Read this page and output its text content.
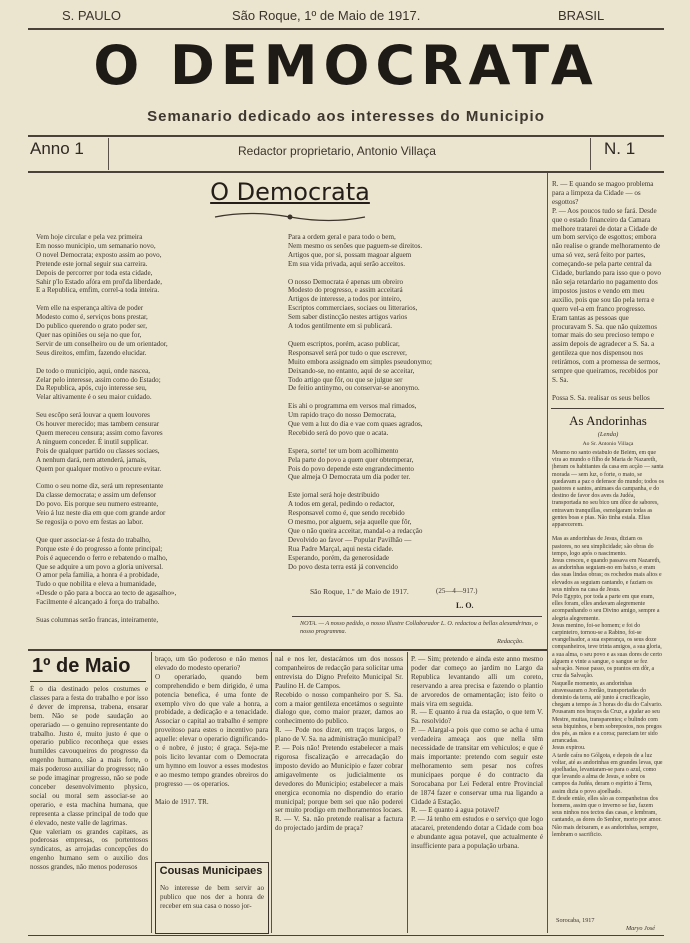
S. PAULO	São Roque, 1º de Maio de 1917.	BRASIL
O DEMOCRATA
Semanario dedicado aos interesses do Municipio
Anno 1	Redactor proprietario, Antonio Villaça	N. 1
O Democrata
Vem hoje circular e pela vez primeira
Em nosso municipio, um semanario novo,
O novel Democrata; exposto assim ao povo,
Pretende este jornal seguir sua carreira.
Depois de percorrer por toda esta cidade,
Sahir p'lo Estado afóra em prol'da liberdade,
E a Republica, emfim, correl-a toda inteira.

Vem elle na esperança altiva de poder
Modesto como é, serviços bons prestar,
Do publico querendo o grato poder ser,
Quer nas opiniões ou seja no que for,
Servir de um conselheiro ou de um orientador,
Seus direitos, emfim, fazendo elucidar.

De todo o municipio, aqui, onde nascea,
Zelar pelo interesse, assim como do Estado;
Da Republica, após, cujo interesse seu,
Velar altivamente é o seu maior cuidado.

Seu escôpo será louvar a quem louvores
Os houver merecido; mas tambem censurar
Quem mereceu censura; assim como favores
A ninguem conceder. É inutil supplicar.
Pois de qualquer partido ou classes sociaes,
A nenhum dará, nem attenderá, jamais,
Quem por qualquer motivo o procure evitar.

Como o seu nome diz, será um representante
Da classe democrata; e assim um defensor
Do povo. Eis porque seu numero estreante,
Veio á luz neste dia em que com grande ardor
Se regosija o povo em festas ao labor.

Que quer associar-se á festa do trabalho,
Porque este é do progresso a fonte principal;
Pois é aquecendo o ferro e rebatendo o malho,
Que se adquire a um povo a gloria universal.
O amor pela familia, a honra é a probidade,
Tudo o que nobilita e eleva a humanidade,
«Desde o pão para a bocca ao tecto de agasalho»,
Facilmente é alcançado á força do trabalho.

Suas columnas serão francas, inteiramente,

Para a ordem geral e para todo o bem,
Nem mesmo os senões que paguem-se direitos.
Artigos que, por si, possam magoar alguem
Em sua vida privada, aqui serão acceitos.

O nosso Democrata é apenas um obreiro
Modesto do progresso, e assim acceitará
Artigos de interesse, a todos por inteiro,
Escriptos commerciaes, sociaes ou litterarios,
Sem saber distincção nestes artigos varios
A todos gentilmente em si publicará.

Quem escriptos, porém, acaso publicar,
Responsavel será por tudo o que escrever,
Muito embora assignado em simples pseudonymo;
Deixando-se, no entanto, aqui de se acceitar,
Todo artigo que fôr, ou que se julgue ser
De feitio antinymo, ou conservar-se anonymo.

Eis ahi o programma em versos mal rimados,
Um rapido traço do nosso Democrata,
Que vem a luz do dia e vae com quaes agrados,
Recebido será do povo que o acata.

Espera, sorte! ter um bom acolhimento
Pela parte do povo a quem quer obtemperar,
Pois do povo depende este engrandecimento
Que almeja O Democrata um dia poder ter.

Este jornal será hoje destribuido
A todos em geral, pedindo o redactor,
Responsavel como é, que sendo recebido
O mesmo, por alguem, seja aquelle que fôr,
Que o não queira acceitar, mandal-o a redacção
Devolvido ao favor — Popular Pavilhão —
Rua Padre Marçal, aqui nesta cidade.
Esperando, porém, da generosidade
Do povo desta terra está já convencido

São Roque, 1.º de Maio de 1917.	(25—4—917.)
L. O.
NOTA. — A nosso pedido, o nosso illustre Collaborador L. O. redactou a bellas alexandrinas, o nosso programma.
Redacção.
R. — E quando se magoo problema para a limpeza da Cidade — os esgottos?
P. — Aos poucos tudo se fará. Desde que o estado financeiro da Camara melhore tratarei de dotar a Cidade de um bom serviço de esgottos; embora não realise o grande melhoramento de uma só vez, será feito por partes, começando-se pela parte central da Cidade, burlando para isso que o povo não seja retardario no pagamento dos impostos justos e vendo em meu auxilio, pois que sou tão pela terra e quero vel-a em franco progresso.
Eram tantas as pessoas que procuravam S. Sa. que não quizemos tomar mais do seu precioso tempo e assim depois de agradecer a S. Sa. a gentileza que nos dispensou nos retirámos, com a promessa de sermos, sempre que queiramos, recebidos por S. Sa.

Possa S. Sa. realisar os seus bellos
As Andorinhas
(Lenda)
Ao Sr. Antonio Villaça
Mesmo no santo estabulo de Belém, em que vira ao mundo o filho de Maria de Nazareth, jheram os habitantes da casa em acção — santa morada — sem luz, o forte, o mato, se quedavam a paz o defensor do mundo; todos os pastores e santos, animaes da campanha, e do destino de favor dos aves da Judéa, transportada no seu bico um dôce de sabores, entravam tranquillas, esmolgaram todas as gentes boas e pias. Não tinha estala. Elias apparecerem.

Mas as andorinhas de Jesus, diziam os pastores, no seu simplicidade; são obras do tempo, logo após o nascimento.
Jesus cresceu, e quando passava em Nazareth, as andorinhas seguiam-no em baixo, e eram das suas lindas obras; os rochedos mais altos e elevados as seguiam cantando, e faziam os seus ninhos na casa de Jesus.
Pelo Egypto, por toda a parte em que eram, elles foram, elles andavam alegremente acompanhando o seu Divino amigo, sempre a alegria alegremente.
Jesus menino, foi-se homem; e foi do carpinteiro, tornou-se a Rabino, foi-se evangelisador, a sua esperança, os seus doze companheiros, teve trinta amigos, a sua gloria, a sua alma, o seu povo e as suas dores de certo alguem e vinte a sangue, o sangue se fez salvação. Nesse passo, os prantos em dôr, a cruz da Salvação.
Naquelle momento, as andorinhas atravessaram o Jordão, transportadas do dominio da terra, até junto á crucificação, chegam a tempo ás 3 horas do dia do Calvario.
Pousaram nos braços da Cruz, a ajudar ao seu Mestre, muitas, transparentes; e bulindo com seus biquinhos, e bem sobrepostos, nos pregos dos pés, as mãos e a coroa; pareciam ter sido arrancadas.
Jesus expirou.
A tarde caíra no Gólgota, e depois de a luz voltar, até as andorinhas em grandes levas, que ajoelhadas, levantaram-se para o azul, como que levando a alma de Jesus, e sobre os campos da Judéa, deram o espírito á Terra, assim dizia o povo ajoelhado.
E desde então, elles são as companheiras dos homens, assim que o inverno se faz, fazem seus ninhos nos tectos das casas, e lembram, cantando, as dores do Senhor, morto por amor.
Não mais deixaram, e as andorinhas, sempre, lembram o sacrificio.
Sorocaba, 1917
Maryo José
1º de Maio
É o dia destinado pelos costumes e classes para a festa do trabalho e por isso é dever de imprensa, trabena, ensarar bem. Não se pode saudação ao operariado — o genuino representante do trabalho. Justo é, muito justo é que o operario publico reconheça que esses humildes cavouqueiros do progresso da engenho humano, são a mais forte, o mais poderoso auxiliar do progresso; não se pode imaginar progresso, não se pode conceber desenvolvimento physico, social ou moral sem associar-se ao operario, e esta machina humana, que representa a classe principal de todo que é elevado, neste valle de lagrimas.
Que valeriam os grandes capitaes, as poderosas empresas, os portentosos syndicatos, as arrojadas concepções do engenho humano sem o auxilio dos nossos grandes, não menos poderosos
braço, um tão poderoso e não menos elevado do modesto operario?
O operariado, quando bem comprehendido e bem dirigido, é uma potencia benefica, é uma fonte de exemplo vivo do que vale a honra, a probidade, a dedicação e a tenacidade. Associar o capital ao trabalho é sempre proveitoso para estes o incentivo para aquelle: elevar o operario dignificando-o é nobre, é justo; é graça. Seja-me pois licito levantar com o Democrata um hymno em louvor a esses modestos e ao mesmo tempo grandes obreiros do progresso — os operarios.

Maio de 1917. TR.
Cousas Municipaes
No interesse de bem servir ao publico que nos der a honra de receber em sua casa o nosso jor-
nal e nos ler, destacámos um dos nossos companheiros de redacção para solicitar uma entrevista do Digno Prefeito Municipal Sr. Paulino H. de Campos.
Recebido o nosso companheiro por S. Sa. com a maior gentileza encetámos o seguinte dialogo que, como maior prazer, damos ao conhecimento do publico.
R. — Pode nos dizer, em traços largos, o plano de V. Sa. na administração municipal?
P. — Pois não! Pretendo estabelecer a mais rigorosa fiscalização e arrecadação do imposto devido ao Municipio e fazer cobrar amigavelmente os judicialmente os devedores do Municipio; estabelecer a mais energica economia no dispendio do erario municipal; porque bem sei que não poderei ser muito prodigo em melhoramentos locaes.
R. — V. Sa. não pretende realisar a factura do projectado jardim de praça?
P. — Sim; pretendo e ainda este anno mesmo poder dar começo ao jardim no Largo da Republica levantando alli um coreto, reservando a area precisa e fazendo o plantio de arvoredos de ornamentação; isto feito o mais vira em seguida.
R. — E quanto á rua da estação, o que tem V. Sa. resolvido?
P. — Alargal-a pois que como se acha é uma verdadeira ameaça aos que nella têm necessidade de transitar em vehiculos; e que é mais importante: pretendo com seguir este melhoramento sem pesar nos cofres municipaes porque é do contracto da Sorocabana por Lei Federal entre Provincial de 1874 fazer e conservar uma rua ligando a Cidade á Estação.
R. — E quanto á agua potavel?
P. — Já tenho em estudos e o serviço que logo atacarei, pretendendo dotar a Cidade com boa e abundante agua potavel, que actualmente é insufficiente para a população urbana.
